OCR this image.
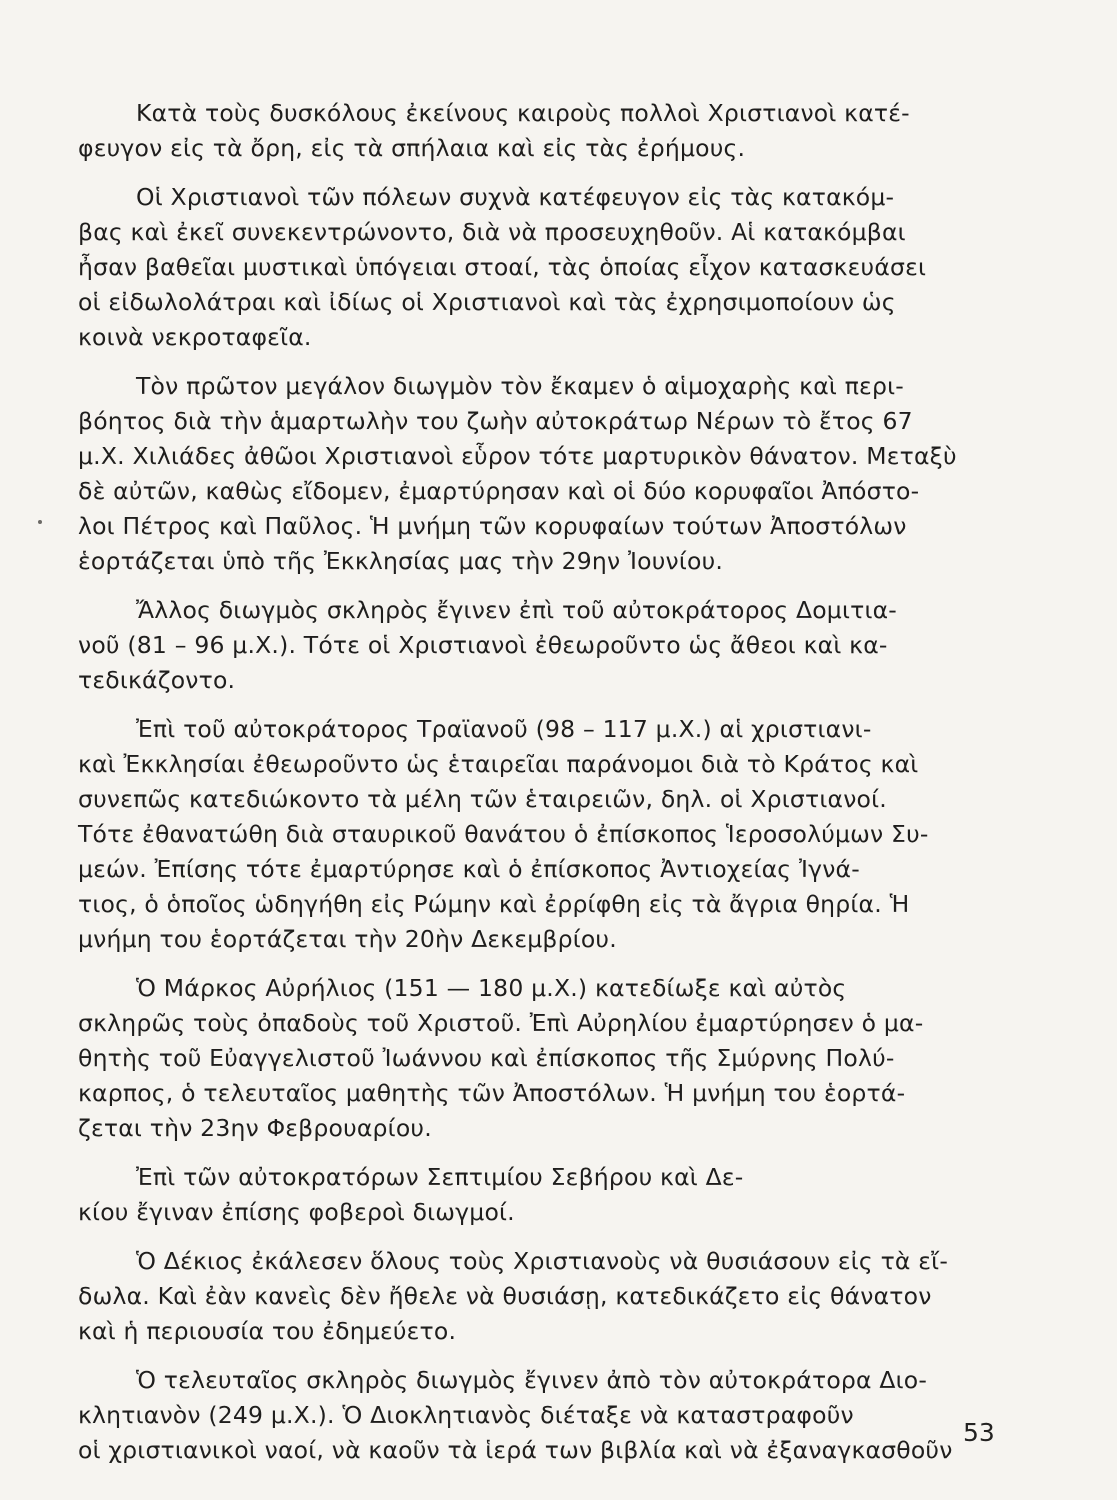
Κατὰ τοὺς δυσκόλους ἐκείνους καιροὺς πολλοὶ Χριστιανοὶ κατέ-
φευγον εἰς τὰ ὄρη, εἰς τὰ σπήλαια καὶ εἰς τὰς ἐρήμους.

Οἱ Χριστιανοὶ τῶν πόλεων συχνὰ κατέφευγον εἰς τὰς κατακόμ-
βας καὶ ἐκεῖ συνεκεντρώνοντο, διὰ νὰ προσευχηθοῦν. Αἱ κατακόμβαι
ἦσαν βαθεῖαι μυστικαὶ ὑπόγειαι στοαί, τὰς ὁποίας εἶχον κατασκευάσει
οἱ εἰδωλολάτραι καὶ ἰδίως οἱ Χριστιανοὶ καὶ τὰς ἐχρησιμοποίουν ὡς
κοινὰ νεκροταφεῖα.

Τὸν πρῶτον μεγάλον διωγμὸν τὸν ἔκαμεν ὁ αἱμοχαρὴς καὶ περι-
βόητος διὰ τὴν ἁμαρτωλὴν του ζωὴν αὐτοκράτωρ Νέρων τὸ ἔτος 67
μ.Χ. Χιλιάδες ἀθῶοι Χριστιανοὶ εὗρον τότε μαρτυρικὸν θάνατον. Μεταξὺ
δὲ αὐτῶν, καθὼς εἴδομεν, ἐμαρτύρησαν καὶ οἱ δύο κορυφαῖοι Ἀπόστο-
λοι Πέτρος καὶ Παῦλος. Ἡ μνήμη τῶν κορυφαίων τούτων Ἀποστόλων
ἑορτάζεται ὑπὸ τῆς Ἐκκλησίας μας τὴν 29ην Ἰουνίου.

Ἄλλος διωγμὸς σκληρὸς ἔγινεν ἐπὶ τοῦ αὐτοκράτορος Δομιτια-
νοῦ (81 – 96 μ.Χ.). Τότε οἱ Χριστιανοὶ ἐθεωροῦντο ὡς ἄθεοι καὶ κα-
τεδικάζοντο.

Ἐπὶ τοῦ αὐτοκράτορος Τραϊανοῦ (98 – 117 μ.Χ.) αἱ χριστιανι-
καὶ Ἐκκλησίαι ἐθεωροῦντο ὡς ἑταιρεῖαι παράνομοι διὰ τὸ Κράτος καὶ
συνεπῶς κατεδιώκοντο τὰ μέλη τῶν ἑταιρειῶν, δηλ. οἱ Χριστιανοί.
Τότε ἐθανατώθη διὰ σταυρικοῦ θανάτου ὁ ἐπίσκοπος Ἱεροσολύμων Συ-
μεών. Ἐπίσης τότε ἐμαρτύρησε καὶ ὁ ἐπίσκοπος Ἀντιοχείας Ἰγνά-
τιος, ὁ ὁποῖος ὡδηγήθη εἰς Ρώμην καὶ ἐρρίφθη εἰς τὰ ἄγρια θηρία. Ἡ
μνήμη του ἑορτάζεται τὴν 20ὴν Δεκεμβρίου.

Ὁ Μάρκος Αὐρήλιος (151 — 180 μ.Χ.) κατεδίωξε καὶ αὐτὸς
σκληρῶς τοὺς ὀπαδοὺς τοῦ Χριστοῦ. Ἐπὶ Αὐρηλίου ἐμαρτύρησεν ὁ μα-
θητὴς τοῦ Εὐαγγελιστοῦ Ἰωάννου καὶ ἐπίσκοπος τῆς Σμύρνης Πολύ-
καρπος, ὁ τελευταῖος μαθητὴς τῶν Ἀποστόλων. Ἡ μνήμη του ἑορτά-
ζεται τὴν 23ην Φεβρουαρίου.

Ἐπὶ τῶν αὐτοκρατόρων Σεπτιμίου Σεβήρου καὶ Δε-
κίου ἔγιναν ἐπίσης φοβεροὶ διωγμοί.

Ὁ Δέκιος ἐκάλεσεν ὅλους τοὺς Χριστιανοὺς νὰ θυσιάσουν εἰς τὰ εἴ-
δωλα. Καὶ ἐὰν κανεὶς δὲν ἤθελε νὰ θυσιάσῃ, κατεδικάζετο εἰς θάνατον
καὶ ἡ περιουσία του ἐδημεύετο.

Ὁ τελευταῖος σκληρὸς διωγμὸς ἔγινεν ἀπὸ τὸν αὐτοκράτορα Διο-
κλητιανὸν (249 μ.Χ.). Ὁ Διοκλητιανὸς διέταξε νὰ καταστραφοῦν
οἱ χριστιανικοὶ ναοί, νὰ καοῦν τὰ ἱερά των βιβλία καὶ νὰ ἐξαναγκασθοῦν

53
